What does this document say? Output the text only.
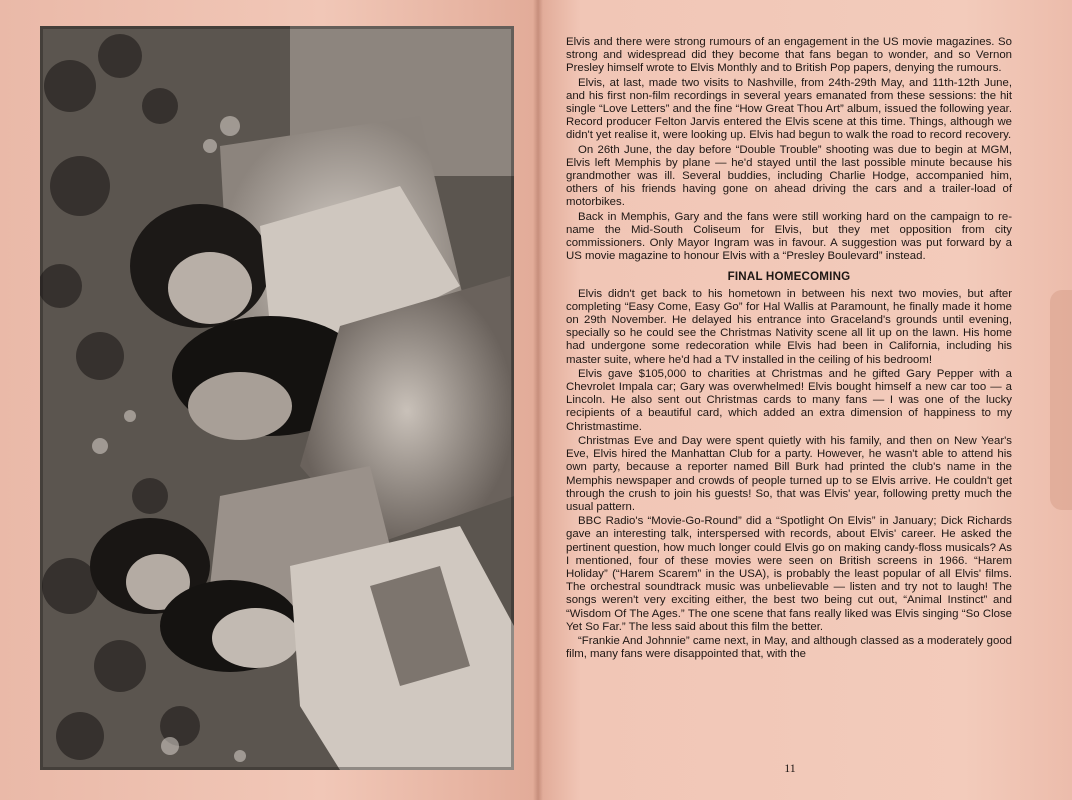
Elvis and there were strong rumours of an engagement in the US movie magazines. So strong and widespread did they become that fans began to wonder, and so Vernon Presley himself wrote to Elvis Monthly and to British Pop papers, denying the rumours.

Elvis, at last, made two visits to Nashville, from 24th-29th May, and 11th-12th June, and his first non-film recordings in several years emanated from these sessions: the hit single “Love Letters” and the fine “How Great Thou Art” album, issued the following year. Record producer Felton Jarvis entered the Elvis scene at this time. Things, although we didn't yet realise it, were looking up. Elvis had begun to walk the road to record recovery.

On 26th June, the day before “Double Trouble” shooting was due to begin at MGM, Elvis left Memphis by plane — he'd stayed until the last possible minute because his grandmother was ill. Several buddies, including Charlie Hodge, accompanied him, others of his friends having gone on ahead driving the cars and a trailer-load of motorbikes.

Back in Memphis, Gary and the fans were still working hard on the campaign to re-name the Mid-South Coliseum for Elvis, but they met opposition from city commissioners. Only Mayor Ingram was in favour. A suggestion was put forward by a US movie magazine to honour Elvis with a “Presley Boulevard” instead.

FINAL HOMECOMING

Elvis didn't get back to his hometown in between his next two movies, but after completing “Easy Come, Easy Go” for Hal Wallis at Paramount, he finally made it home on 29th November. He delayed his entrance into Graceland's grounds until evening, specially so he could see the Christmas Nativity scene all lit up on the lawn. His home had undergone some redecoration while Elvis had been in California, including his master suite, where he'd had a TV installed in the ceiling of his bedroom!

Elvis gave $105,000 to charities at Christmas and he gifted Gary Pepper with a Chevrolet Impala car; Gary was overwhelmed! Elvis bought himself a new car too — a Lincoln. He also sent out Christmas cards to many fans — I was one of the lucky recipients of a beautiful card, which added an extra dimension of happiness to my Christmastime.

Christmas Eve and Day were spent quietly with his family, and then on New Year's Eve, Elvis hired the Manhattan Club for a party. However, he wasn't able to attend his own party, because a reporter named Bill Burk had printed the club's name in the Memphis newspaper and crowds of people turned up to se Elvis arrive. He couldn't get through the crush to join his guests! So, that was Elvis' year, following pretty much the usual pattern.

BBC Radio's “Movie-Go-Round” did a “Spotlight On Elvis” in January; Dick Richards gave an interesting talk, interspersed with records, about Elvis' career. He asked the pertinent question, how much longer could Elvis go on making candy-floss musicals? As I mentioned, four of these movies were seen on British screens in 1966. “Harem Holiday” (“Harem Scarem” in the USA), is probably the least popular of all Elvis' films. The orchestral soundtrack music was unbelievable — listen and try not to laugh! The songs weren't very exciting either, the best two being cut out, “Animal Instinct” and “Wisdom Of The Ages.” The one scene that fans really liked was Elvis singing “So Close Yet So Far.” The less said about this film the better.

“Frankie And Johnnie” came next, in May, and although classed as a moderately good film, many fans were disappointed that, with the

11
